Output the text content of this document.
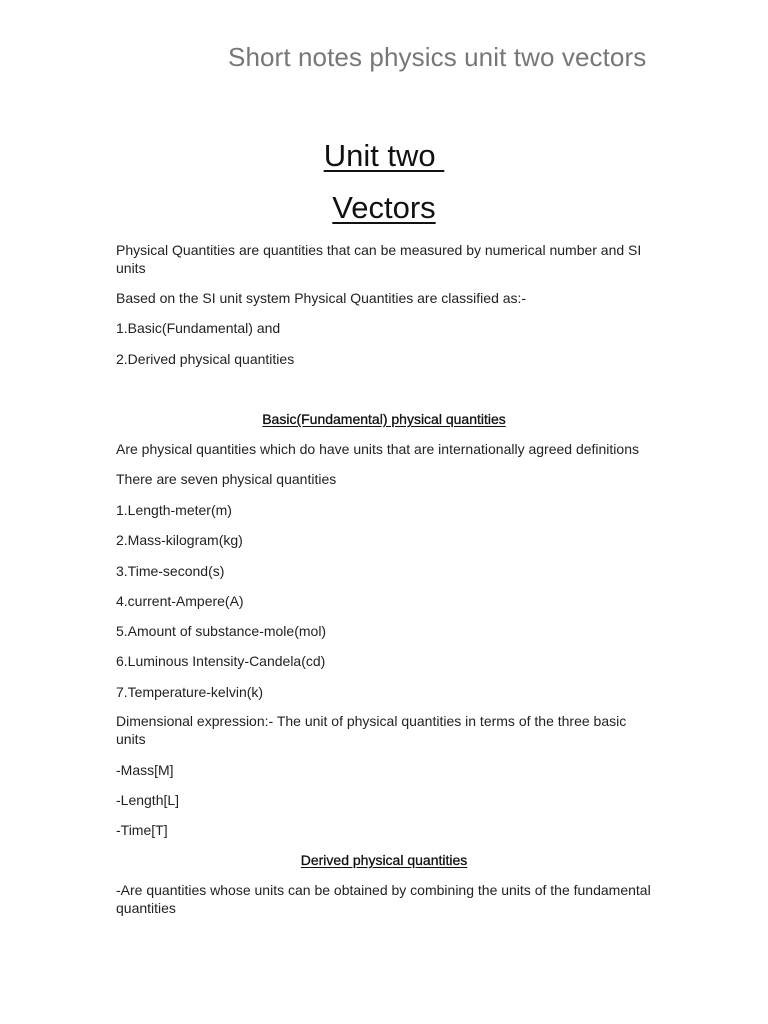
Short notes physics unit two vectors
Unit two
Vectors
Physical Quantities are quantities that can be measured by numerical number and SI units
Based on the SI unit system Physical Quantities are classified as:-
1.Basic(Fundamental) and
2.Derived physical quantities
Basic(Fundamental) physical quantities
Are physical quantities which do have units that are internationally agreed definitions
There are seven physical quantities
1.Length-meter(m)
2.Mass-kilogram(kg)
3.Time-second(s)
4.current-Ampere(A)
5.Amount of substance-mole(mol)
6.Luminous Intensity-Candela(cd)
7.Temperature-kelvin(k)
Dimensional expression:- The unit of physical quantities in terms of the three basic units
-Mass[M]
-Length[L]
-Time[T]
Derived physical quantities
-Are quantities whose units can be obtained by combining the units of the fundamental quantities
